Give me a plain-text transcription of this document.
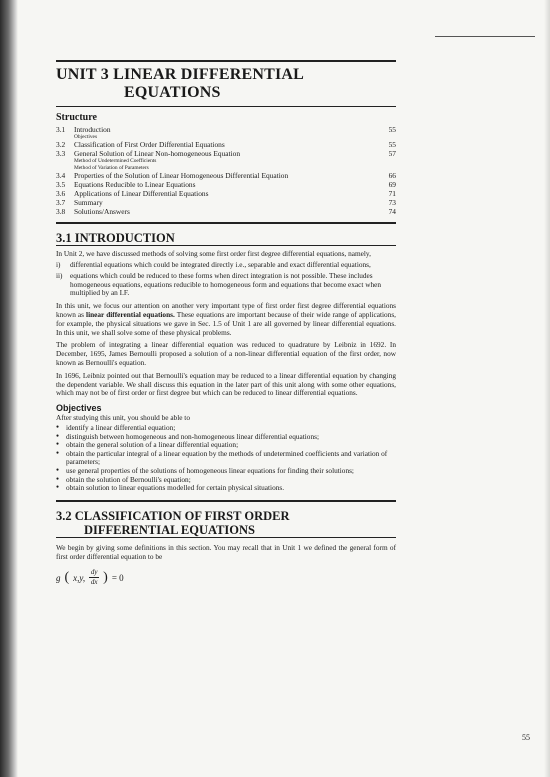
UNIT 3 LINEAR DIFFERENTIAL
EQUATIONS
Structure
3.1	Introduction	55
Objectives
3.2	Classification of First Order Differential Equations	55
3.3	General Solution of Linear Non-homogeneous Equation	57
Method of Undetermined Coefficients
Method of Variation of Parameters
3.4	Properties of the Solution of Linear Homogeneous Differential Equation	66
3.5	Equations Reducible to Linear Equations	69
3.6	Applications of Linear Differential Equations	71
3.7	Summary	73
3.8	Solutions/Answers	74
3.1 INTRODUCTION

In Unit 2, we have discussed methods of solving some first order first degree differential equations, namely,

i)	differential equations which could be integrated directly i.e., separable and exact differential equations,
ii)	equations which could be reduced to these forms when direct integration is not possible. These includes homogeneous equations, equations reducible to homogeneous form and equations that become exact when multiplied by an I.F.

In this unit, we focus our attention on another very important type of first order first degree differential equations known as linear differential equations. These equations are important because of their wide range of applications, for example, the physical situations we gave in Sec. 1.5 of Unit 1 are all governed by linear differential equations. In this unit, we shall solve some of these physical problems.

The problem of integrating a linear differential equation was reduced to quadrature by Leibniz in 1692. In December, 1695, James Bernoulli proposed a solution of a non-linear differential equation of the first order, now known as Bernoulli's equation.

In 1696, Leibniz pointed out that Bernoulli's equation may be reduced to a linear differential equation by changing the dependent variable. We shall discuss this equation in the later part of this unit along with some other equations, which may not be of first order or first degree but which can be reduced to linear differential equations.

Objectives

After studying this unit, you should be able to

● identify a linear differential equation;
● distinguish between homogeneous and non-homogeneous linear differential equations;
● obtain the general solution of a linear differential equation;
● obtain the particular integral of a linear equation by the methods of undetermined coefficients and variation of parameters;
● use general properties of the solutions of homogeneous linear equations for finding their solutions;
● obtain the solution of Bernoulli's equation;
● obtain solution to linear equations modelled for certain physical situations.
3.2 CLASSIFICATION OF FIRST ORDER
DIFFERENTIAL EQUATIONS

We begin by giving some definitions in this section. You may recall that in Unit 1 we defined the general form of first order differential equation to be

g ( x,y, $\frac{dy}{dx}$ ) = 0
55
